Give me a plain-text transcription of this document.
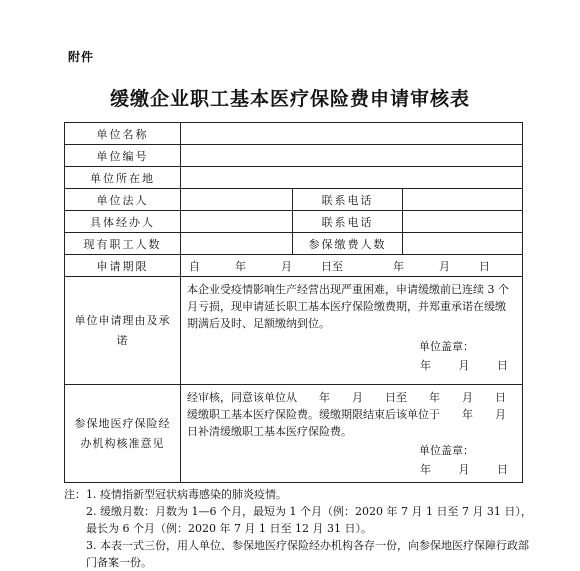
附件
缓缴企业职工基本医疗保险费申请审核表
单位名称			
单位编号			
单位所在地			
单位法人		联系电话	
具体经办人		联系电话	
现有职工人数		参保缴费人数	
申请期限	自 年 月 日至 年 月 日		
单位申请理由及承诺	本企业受疫情影响生产经营出现严重困难，申请缓缴前已连续 3 个月亏损，现申请延长职工基本医疗保险缴费期，并郑重承诺在缓缴期满后及时、足额缴纳到位。
单位盖章：
年 月 日		

参保地医疗保险经办机构核准意见	经审核，同意该单位从　　年　　月　　日至　　年　　月　　日缓缴职工基本医疗保险费。缓缴期限结束后该单位于　　年　　月　　日补清缓缴职工基本医疗保险费。
单位盖章：
年 月 日		

注：1. 疫情指新型冠状病毒感染的肺炎疫情。

2. 缓缴月数：月数为 1—6 个月，最短为 1 个月（例：2020 年 7 月 1 日至 7 月 31 日），最长为 6 个月（例：2020 年 7 月 1 日至 12 月 31 日）。

3. 本表一式三份，用人单位、参保地医疗保险经办机构各存一份，向参保地医疗保障行政部门备案一份。
